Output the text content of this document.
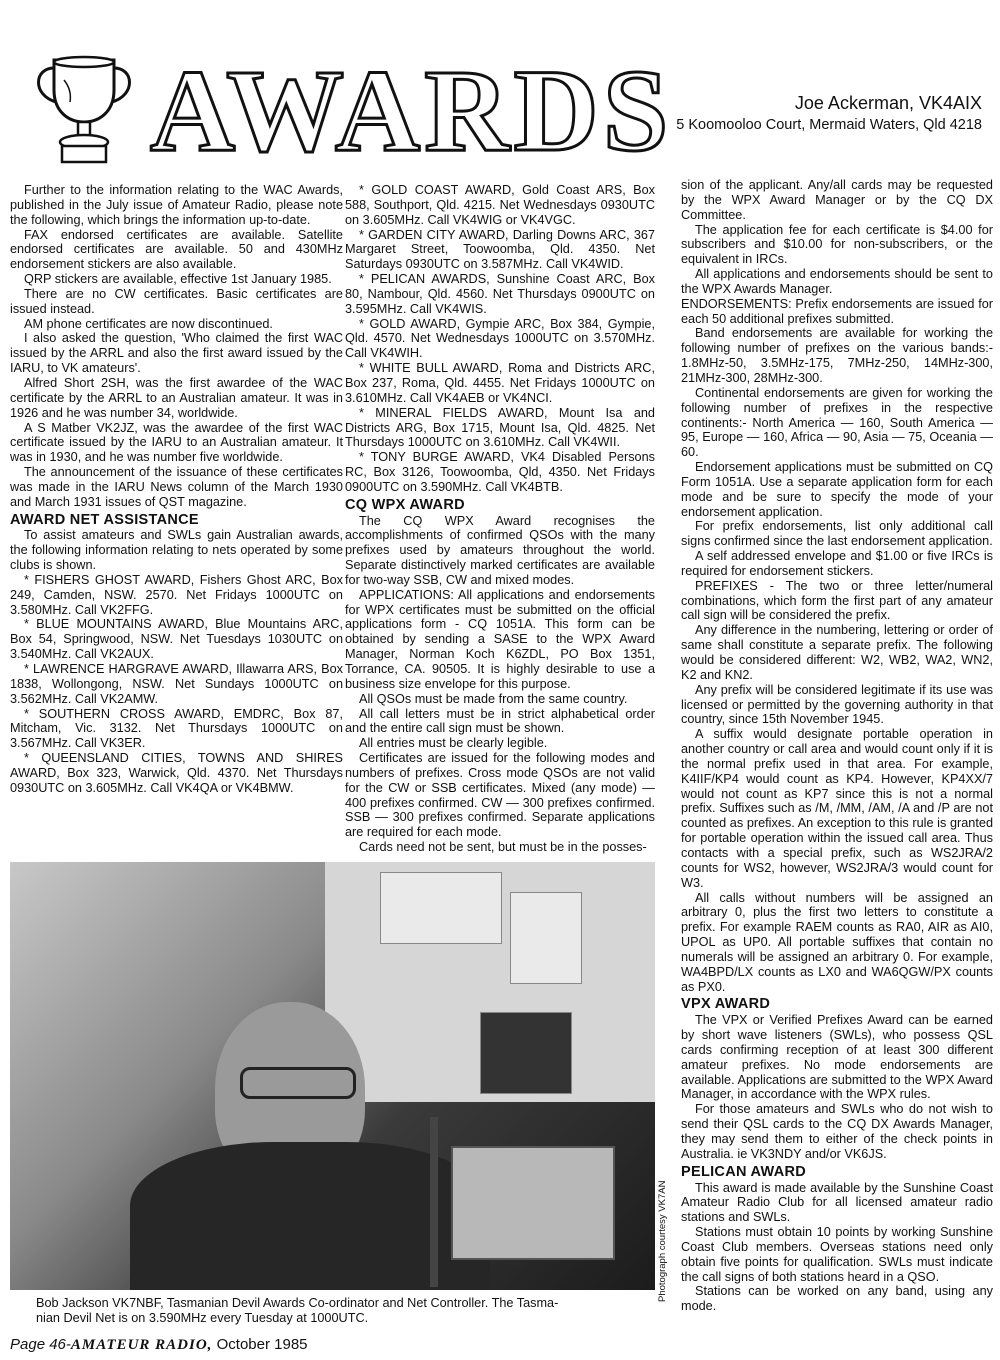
AWARDS	Joe Ackerman, VK4AIX
5 Koomooloo Court, Mermaid Waters, Qld 4218

Further to the information relating to the WAC Awards, published in the July issue of Amateur Radio, please note the following, which brings the information up-to-date.

FAX endorsed certificates are available. Satellite endorsed certificates are available. 50 and 430MHz endorsement stickers are also available.

QRP stickers are available, effective 1st January 1985.

There are no CW certificates. Basic certificates are issued instead.

AM phone certificates are now discontinued.

I also asked the question, 'Who claimed the first WAC issued by the ARRL and also the first award issued by the IARU, to VK amateurs'.

Alfred Short 2SH, was the first awardee of the WAC certificate by the ARRL to an Australian amateur. It was in 1926 and he was number 34, worldwide.

A S Matber VK2JZ, was the awardee of the first WAC certificate issued by the IARU to an Australian amateur. It was in 1930, and he was number five worldwide.

The announcement of the issuance of these certificates was made in the IARU News column of the March 1930 and March 1931 issues of QST magazine.

AWARD NET ASSISTANCE

To assist amateurs and SWLs gain Australian awards, the following information relating to nets operated by some clubs is shown.

* FISHERS GHOST AWARD, Fishers Ghost ARC, Box 249, Camden, NSW. 2570. Net Fridays 1000UTC on 3.580MHz. Call VK2FFG.

* BLUE MOUNTAINS AWARD, Blue Mountains ARC, Box 54, Springwood, NSW. Net Tuesdays 1030UTC on 3.540MHz. Call VK2AUX.

* LAWRENCE HARGRAVE AWARD, Illawarra ARS, Box 1838, Wollongong, NSW. Net Sundays 1000UTC on 3.562MHz. Call VK2AMW.

* SOUTHERN CROSS AWARD, EMDRC, Box 87, Mitcham, Vic. 3132. Net Thursdays 1000UTC on 3.567MHz. Call VK3ER.

* QUEENSLAND CITIES, TOWNS AND SHIRES AWARD, Box 323, Warwick, Qld. 4370. Net Thursdays 0930UTC on 3.605MHz. Call VK4QA or VK4BMW.

* GOLD COAST AWARD, Gold Coast ARS, Box 588, Southport, Qld. 4215. Net Wednesdays 0930UTC on 3.605MHz. Call VK4WIG or VK4VGC.

* GARDEN CITY AWARD, Darling Downs ARC, 367 Margaret Street, Toowoomba, Qld. 4350. Net Saturdays 0930UTC on 3.587MHz. Call VK4WID.

* PELICAN AWARDS, Sunshine Coast ARC, Box 80, Nambour, Qld. 4560. Net Thursdays 0900UTC on 3.595MHz. Call VK4WIS.

* GOLD AWARD, Gympie ARC, Box 384, Gympie, Qld. 4570. Net Wednesdays 1000UTC on 3.570MHz. Call VK4WIH.

* WHITE BULL AWARD, Roma and Districts ARC, Box 237, Roma, Qld. 4455. Net Fridays 1000UTC on 3.610MHz. Call VK4AEB or VK4NCI.

* MINERAL FIELDS AWARD, Mount Isa and Districts ARG, Box 1715, Mount Isa, Qld. 4825. Net Thursdays 1000UTC on 3.610MHz. Call VK4WII.

* TONY BURGE AWARD, VK4 Disabled Persons RC, Box 3126, Toowoomba, Qld, 4350. Net Fridays 0900UTC on 3.590MHz. Call VK4BTB.

CQ WPX AWARD

The CQ WPX Award recognises the accomplishments of confirmed QSOs with the many prefixes used by amateurs throughout the world. Separate distinctively marked certificates are available for two-way SSB, CW and mixed modes.

APPLICATIONS: All applications and endorsements for WPX certificates must be submitted on the official applications form - CQ 1051A. This form can be obtained by sending a SASE to the WPX Award Manager, Norman Koch K6ZDL, PO Box 1351, Torrance, CA. 90505. It is highly desirable to use a business size envelope for this purpose.

All QSOs must be made from the same country.

All call letters must be in strict alphabetical order and the entire call sign must be shown.

All entries must be clearly legible.

Certificates are issued for the following modes and numbers of prefixes. Cross mode QSOs are not valid for the CW or SSB certificates. Mixed (any mode) — 400 prefixes confirmed. CW — 300 prefixes confirmed. SSB — 300 prefixes confirmed. Separate applications are required for each mode.

Cards need not be sent, but must be in the posses-

sion of the applicant. Any/all cards may be requested by the WPX Award Manager or by the CQ DX Committee.

The application fee for each certificate is $4.00 for subscribers and $10.00 for non-subscribers, or the equivalent in IRCs.

All applications and endorsements should be sent to the WPX Awards Manager.

ENDORSEMENTS: Prefix endorsements are issued for each 50 additional prefixes submitted.

Band endorsements are available for working the following number of prefixes on the various bands:- 1.8MHz-50, 3.5MHz-175, 7MHz-250, 14MHz-300, 21MHz-300, 28MHz-300.

Continental endorsements are given for working the following number of prefixes in the respective continents:- North America — 160, South America — 95, Europe — 160, Africa — 90, Asia — 75, Oceania — 60.

Endorsement applications must be submitted on CQ Form 1051A. Use a separate application form for each mode and be sure to specify the mode of your endorsement application.

For prefix endorsements, list only additional call signs confirmed since the last endorsement application.

A self addressed envelope and $1.00 or five IRCs is required for endorsement stickers.

PREFIXES - The two or three letter/numeral combinations, which form the first part of any amateur call sign will be considered the prefix.

Any difference in the numbering, lettering or order of same shall constitute a separate prefix. The following would be considered different: W2, WB2, WA2, WN2, K2 and KN2.

Any prefix will be considered legitimate if its use was licensed or permitted by the governing authority in that country, since 15th November 1945.

A suffix would designate portable operation in another country or call area and would count only if it is the normal prefix used in that area. For example, K4IIF/KP4 would count as KP4. However, KP4XX/7 would not count as KP7 since this is not a normal prefix. Suffixes such as /M, /MM, /AM, /A and /P are not counted as prefixes. An exception to this rule is granted for portable operation within the issued call area. Thus contacts with a special prefix, such as WS2JRA/2 counts for WS2, however, WS2JRA/3 would count for W3.

All calls without numbers will be assigned an arbitrary 0, plus the first two letters to constitute a prefix. For example RAEM counts as RA0, AIR as AI0, UPOL as UP0. All portable suffixes that contain no numerals will be assigned an arbitrary 0. For example, WA4BPD/LX counts as LX0 and WA6QGW/PX counts as PX0.

VPX AWARD

The VPX or Verified Prefixes Award can be earned by short wave listeners (SWLs), who possess QSL cards confirming reception of at least 300 different amateur prefixes. No mode endorsements are available. Applications are submitted to the WPX Award Manager, in accordance with the WPX rules.

For those amateurs and SWLs who do not wish to send their QSL cards to the CQ DX Awards Manager, they may send them to either of the check points in Australia. ie VK3NDY and/or VK6JS.

PELICAN AWARD

This award is made available by the Sunshine Coast Amateur Radio Club for all licensed amateur radio stations and SWLs.

Stations must obtain 10 points by working Sunshine Coast Club members. Overseas stations need only obtain five points for qualification. SWLs must indicate the call signs of both stations heard in a QSO.

Stations can be worked on any band, using any mode.

Photograph courtesy VK7AN
Bob Jackson VK7NBF, Tasmanian Devil Awards Co-ordinator and Net Controller. The Tasma-
nian Devil Net is on 3.590MHz every Tuesday at 1000UTC.
Page 46-AMATEUR RADIO, October 1985
